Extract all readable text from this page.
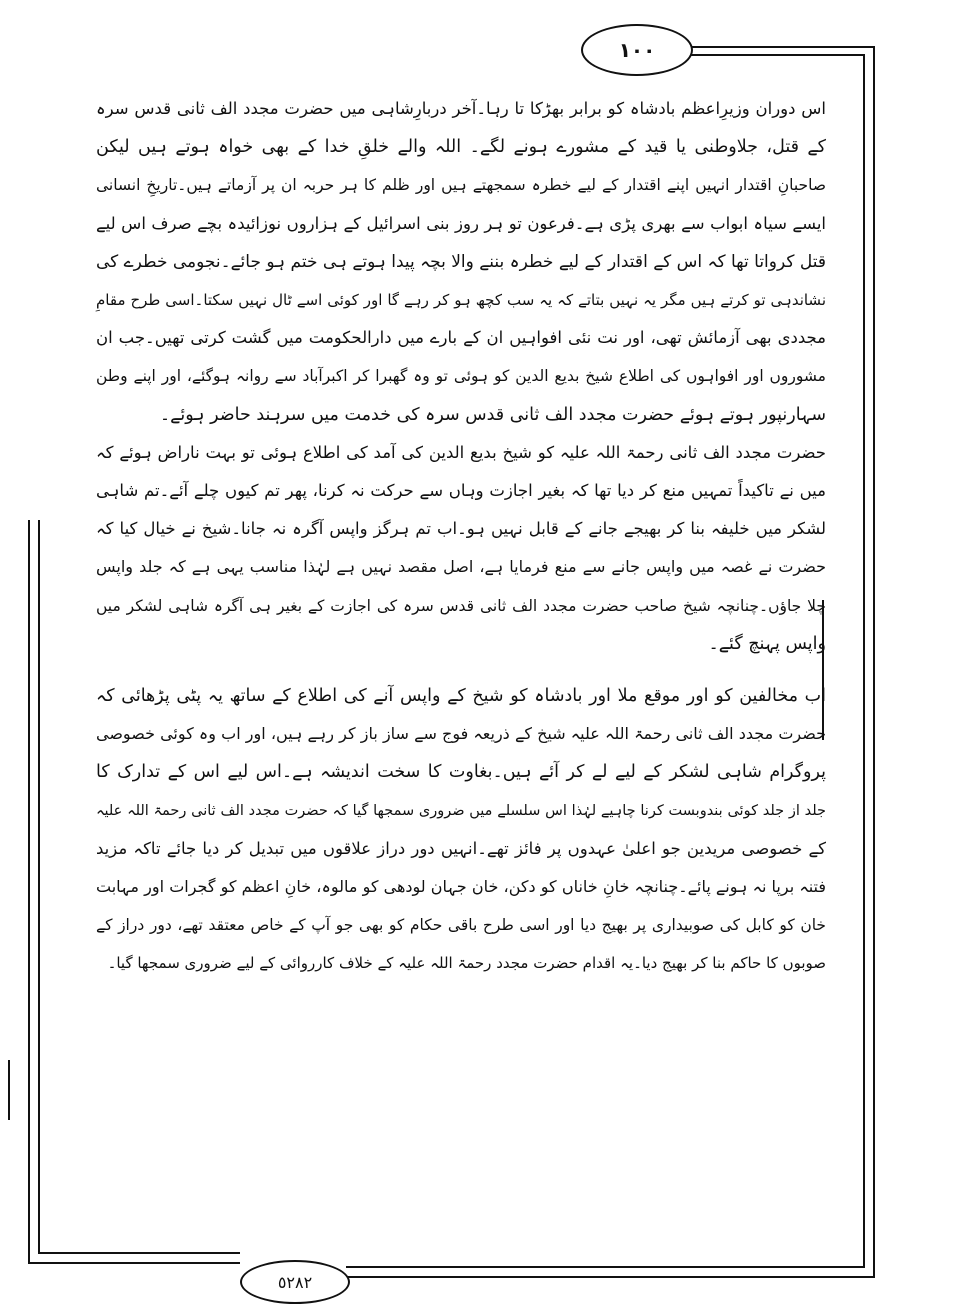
١٠٠

اس دوران وزیرِاعظم بادشاہ کو برابر بھڑکا تا رہا۔آخر دربارِشاہی میں حضرت مجدد الف ثانی قدس سرہ
کے قتل، جلاوطنی یا قید کے مشورے ہونے لگے۔ اللہ والے خلقِ خدا کے بھی خواہ ہوتے ہیں لیکن
صاحبانِ اقتدار انہیں اپنے اقتدار کے لیے خطرہ سمجھتے ہیں اور ظلم کا ہر حربہ ان پر آزماتے ہیں۔تاریخِ انسانی
ایسے سیاہ ابواب سے بھری پڑی ہے۔فرعون تو ہر روز بنی اسرائیل کے ہزاروں نوزائیدہ بچے صرف اس لیے
قتل کرواتا تھا کہ اس کے اقتدار کے لیے خطرہ بننے والا بچہ پیدا ہوتے ہی ختم ہو جائے۔نجومی خطرے کی
نشاندہی تو کرتے ہیں مگر یہ نہیں بتاتے کہ یہ سب کچھ ہو کر رہے گا اور کوئی اسے ٹال نہیں سکتا۔اسی طرح مقامِ
مجددی بھی آزمائش تھی، اور نت نئی افواہیں ان کے بارے میں دارالحکومت میں گشت کرتی تھیں۔جب ان
مشوروں اور افواہوں کی اطلاع شیخ بدیع الدین کو ہوئی تو وہ گھبرا کر اکبرآباد سے روانہ ہوگئے، اور اپنے وطن
سہارنپور ہوتے ہوئے حضرت مجدد الف ثانی قدس سرہ کی خدمت میں سرہند حاضر ہوئے۔

حضرت مجدد الف ثانی رحمۃ اللہ علیہ کو شیخ بدیع الدین کی آمد کی اطلاع ہوئی تو بہت ناراض ہوئے کہ
میں نے تاکیداً تمہیں منع کر دیا تھا کہ بغیر اجازت وہاں سے حرکت نہ کرنا، پھر تم کیوں چلے آئے۔تم شاہی
لشکر میں خلیفہ بنا کر بھیجے جانے کے قابل نہیں ہو۔اب تم ہرگز واپس آگرہ نہ جانا۔شیخ نے خیال کیا کہ
حضرت نے غصہ میں واپس جانے سے منع فرمایا ہے، اصل مقصد نہیں ہے لہٰذا مناسب یہی ہے کہ جلد واپس
چلا جاؤں۔چنانچہ شیخ صاحب حضرت مجدد الف ثانی قدس سرہ کی اجازت کے بغیر ہی آگرہ شاہی لشکر میں
واپس پہنچ گئے۔

اب مخالفین کو اور موقع ملا اور بادشاہ کو شیخ کے واپس آنے کی اطلاع کے ساتھ یہ پٹی پڑھائی کہ
حضرت مجدد الف ثانی رحمۃ اللہ علیہ شیخ کے ذریعہ فوج سے ساز باز کر رہے ہیں، اور اب وہ کوئی خصوصی
پروگرام شاہی لشکر کے لیے لے کر آئے ہیں۔بغاوت کا سخت اندیشہ ہے۔اس لیے اس کے تدارک کا
جلد از جلد کوئی بندوبست کرنا چاہیے لہٰذا اس سلسلے میں ضروری سمجھا گیا کہ حضرت مجدد الف ثانی رحمۃ اللہ علیہ
کے خصوصی مریدین جو اعلیٰ عہدوں پر فائز تھے۔انہیں دور دراز علاقوں میں تبدیل کر دیا جائے تاکہ مزید
فتنہ برپا نہ ہونے پائے۔چنانچہ خانِ خاناں کو دکن، خان جہان لودھی کو مالوہ، خانِ اعظم کو گجرات اور مہابت
خان کو کابل کی صوبیداری پر بھیج دیا اور اسی طرح باقی حکام کو بھی جو آپ کے خاص معتقد تھے، دور دراز کے
صوبوں کا حاکم بنا کر بھیج دیا۔یہ اقدام حضرت مجدد رحمۃ اللہ علیہ کے خلاف کارروائی کے لیے ضروری سمجھا گیا۔

٥٢٨٢
